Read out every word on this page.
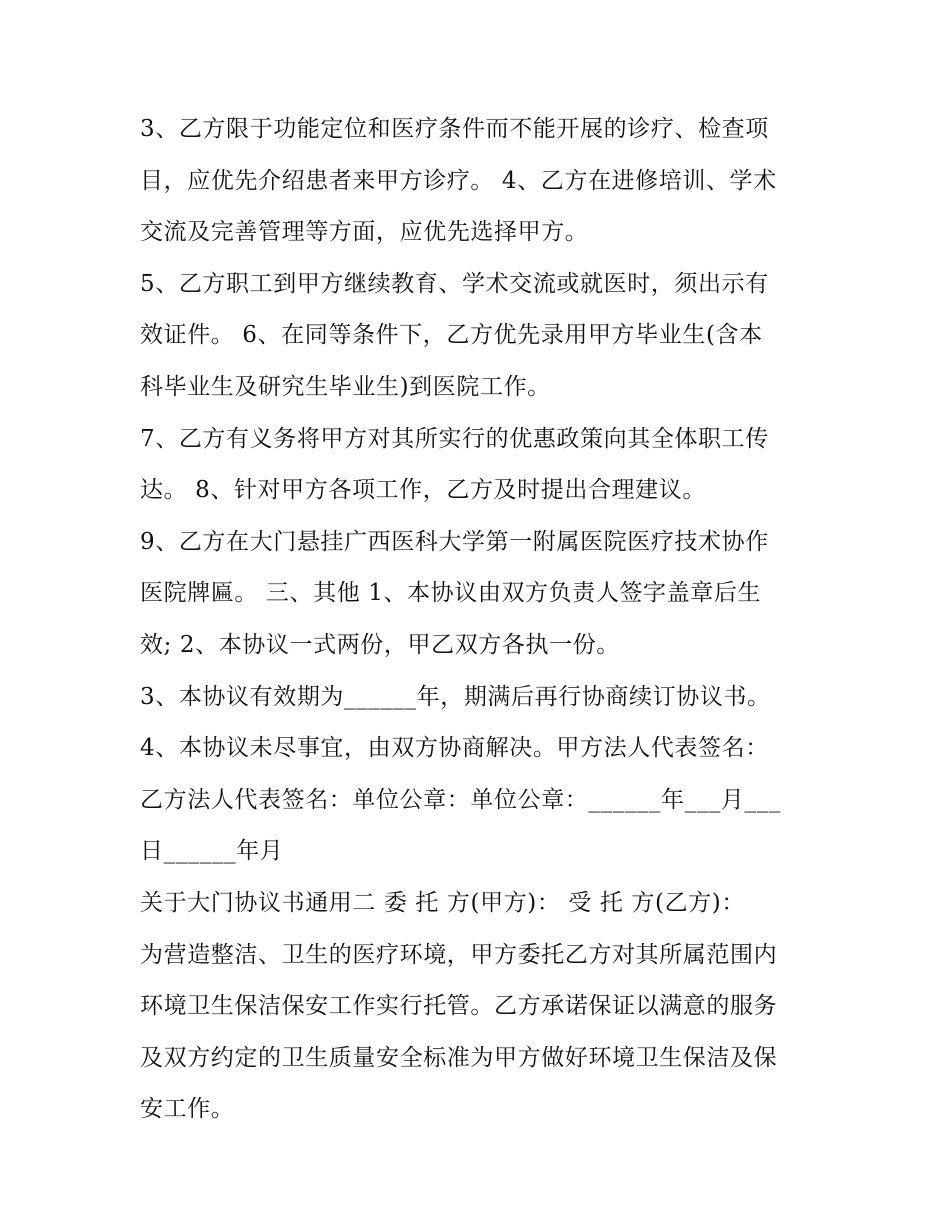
3、乙方限于功能定位和医疗条件而不能开展的诊疗、检查项
目，应优先介绍患者来甲方诊疗。 4、乙方在进修培训、学术
交流及完善管理等方面，应优先选择甲方。
5、乙方职工到甲方继续教育、学术交流或就医时，须出示有
效证件。 6、在同等条件下，乙方优先录用甲方毕业生(含本
科毕业生及研究生毕业生)到医院工作。
7、乙方有义务将甲方对其所实行的优惠政策向其全体职工传
达。 8、针对甲方各项工作，乙方及时提出合理建议。
9、乙方在大门悬挂广西医科大学第一附属医院医疗技术协作
医院牌匾。 三、其他 1、本协议由双方负责人签字盖章后生
效; 2、本协议一式两份，甲乙双方各执一份。
3、本协议有效期为______年，期满后再行协商续订协议书。
4、本协议未尽事宜，由双方协商解决。甲方法人代表签名：
乙方法人代表签名：单位公章：单位公章：______年___月___
日______年月
关于大门协议书通用二 委 托 方(甲方)： 受 托 方(乙方)：
为营造整洁、卫生的医疗环境，甲方委托乙方对其所属范围内
环境卫生保洁保安工作实行托管。乙方承诺保证以满意的服务
及双方约定的卫生质量安全标准为甲方做好环境卫生保洁及保
安工作。
